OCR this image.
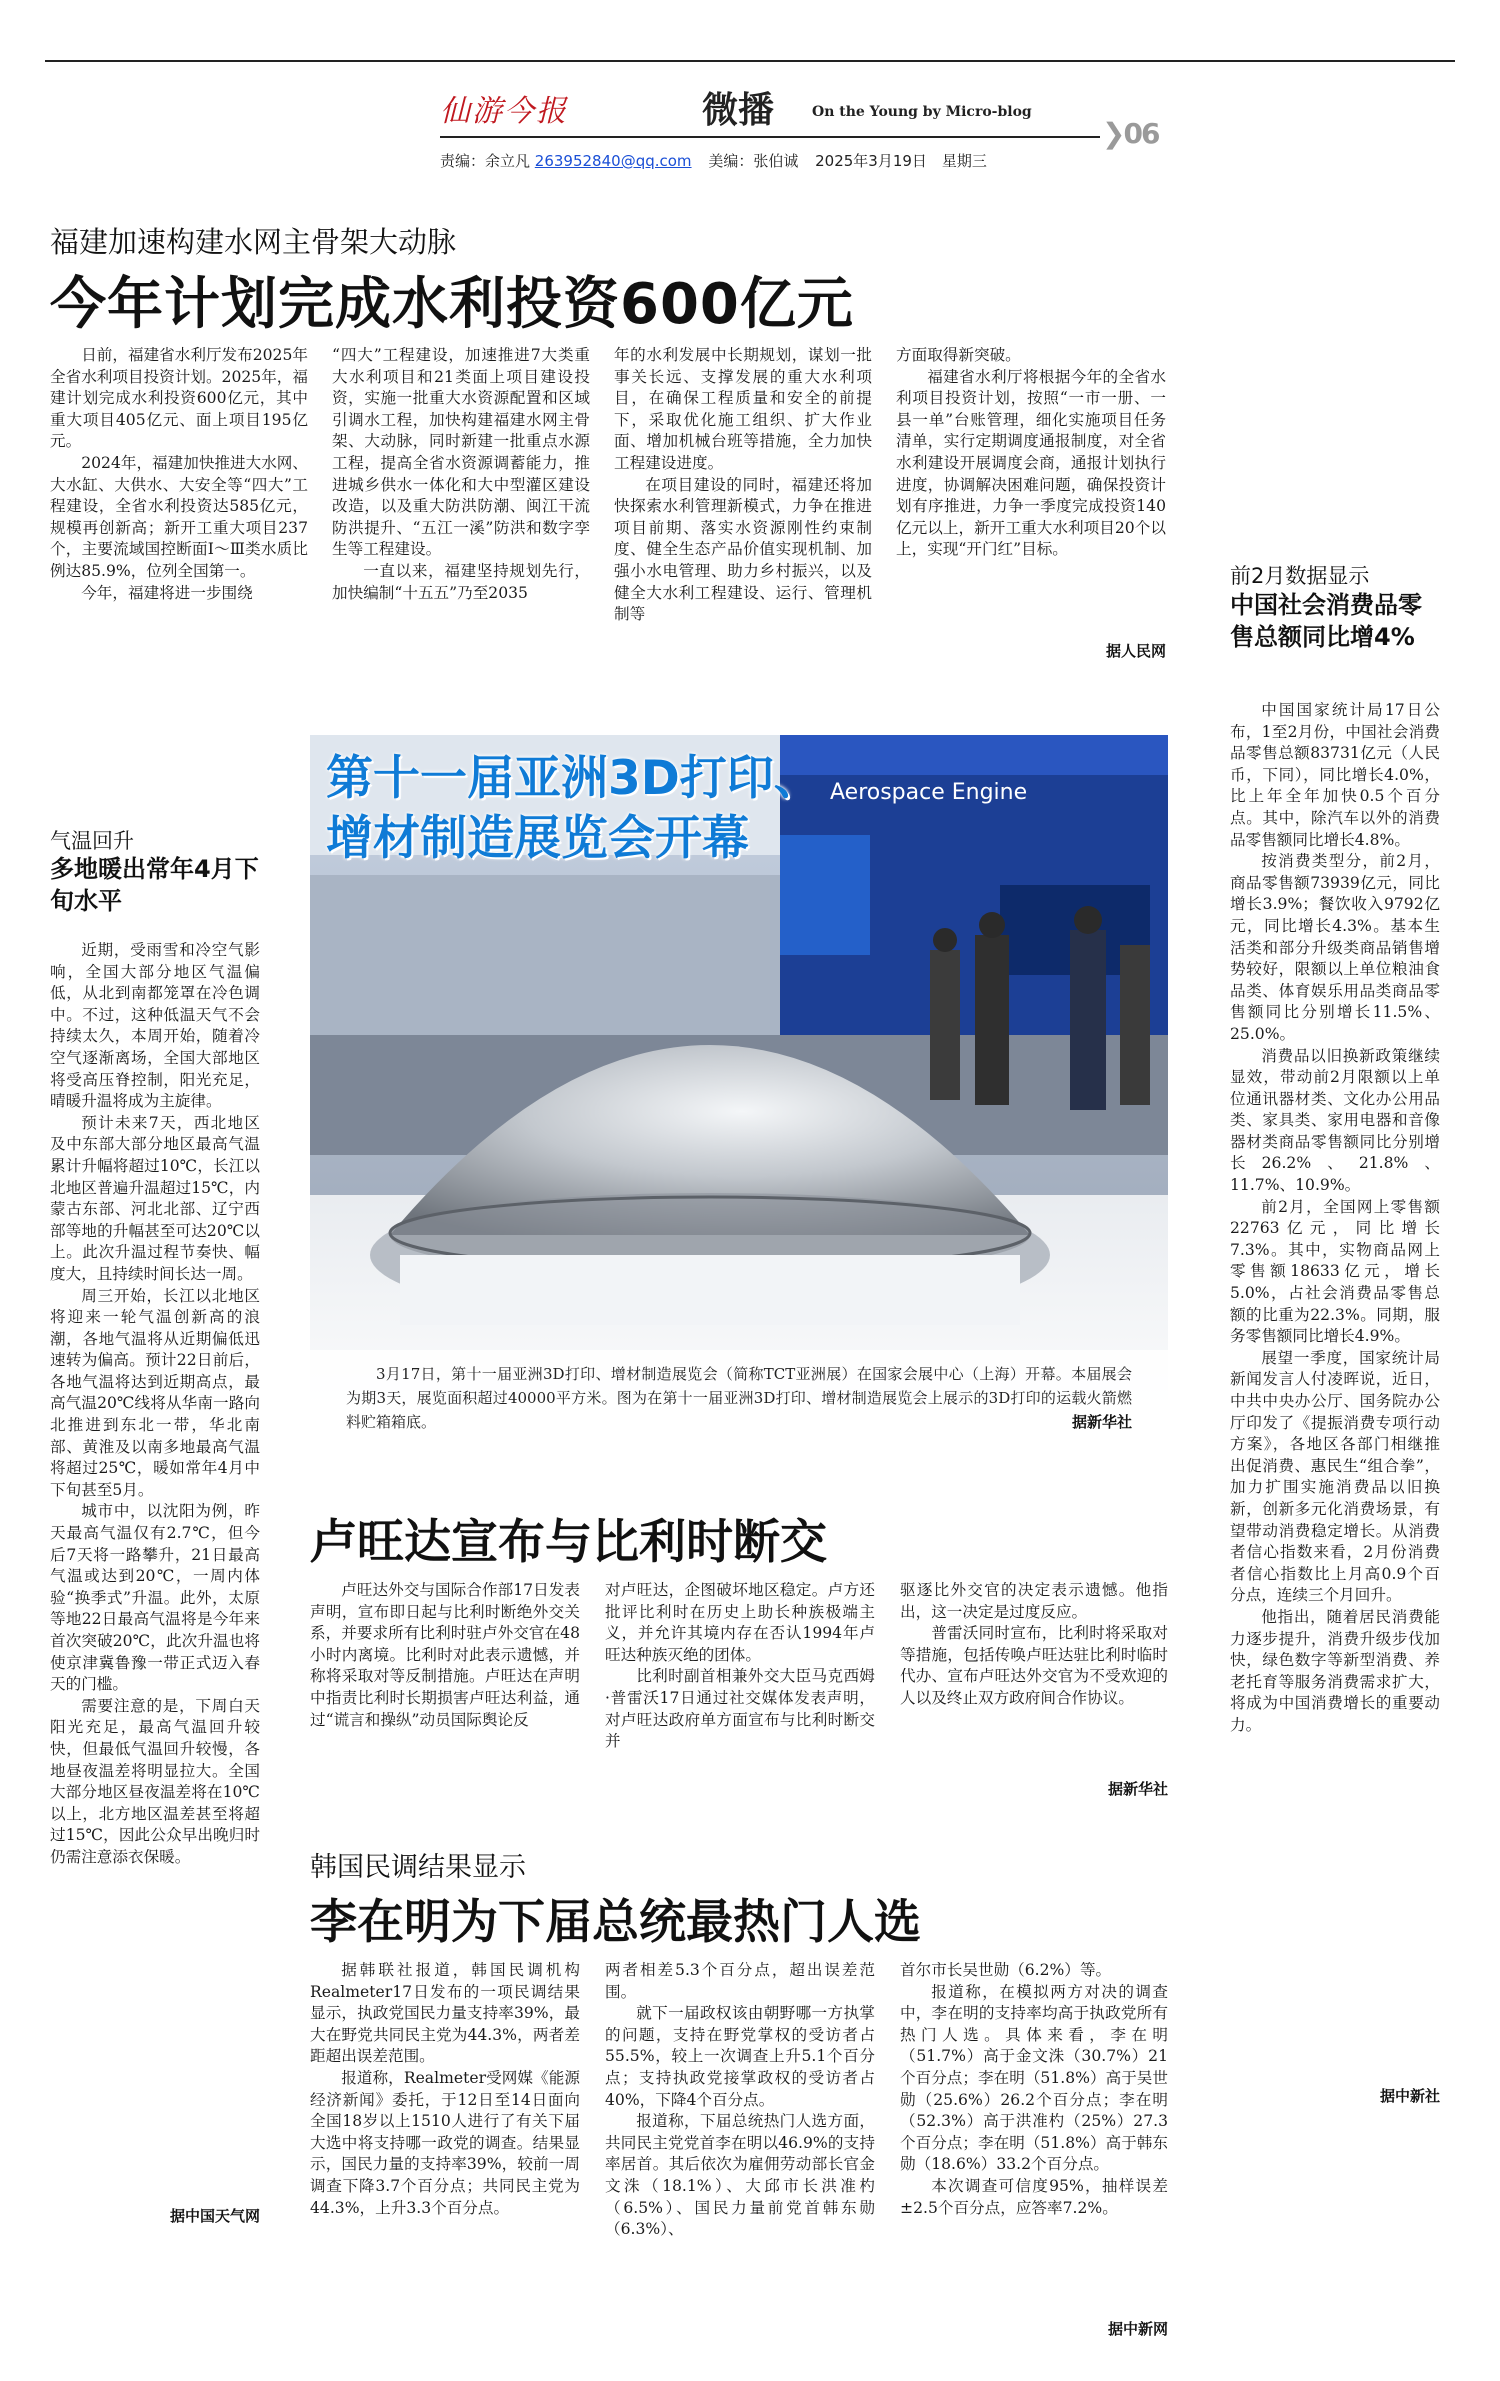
仙游今报	微播	On the Young by Micro-blog
❯06
责编：余立凡 263952840@qq.com 美编：张伯诚 2025年3月19日　星期三
福建加速构建水网主骨架大动脉
今年计划完成水利投资600亿元

日前，福建省水利厅发布2025年全省水利项目投资计划。2025年，福建计划完成水利投资600亿元，其中重大项目405亿元、面上项目195亿元。

2024年，福建加快推进大水网、大水缸、大供水、大安全等“四大”工程建设，全省水利投资达585亿元，规模再创新高；新开工重大项目237个，主要流域国控断面Ⅰ～Ⅲ类水质比例达85.9%，位列全国第一。

今年，福建将进一步围绕

“四大”工程建设，加速推进7大类重大水利项目和21类面上项目建设投资，实施一批重大水资源配置和区域引调水工程，加快构建福建水网主骨架、大动脉，同时新建一批重点水源工程，提高全省水资源调蓄能力，推进城乡供水一体化和大中型灌区建设改造，以及重大防洪防潮、闽江干流防洪提升、“五江一溪”防洪和数字孪生等工程建设。

一直以来，福建坚持规划先行，加快编制“十五五”乃至2035

年的水利发展中长期规划，谋划一批事关长远、支撑发展的重大水利项目，在确保工程质量和安全的前提下，采取优化施工组织、扩大作业面、增加机械台班等措施，全力加快工程建设进度。

在项目建设的同时，福建还将加快探索水利管理新模式，力争在推进项目前期、落实水资源刚性约束制度、健全生态产品价值实现机制、加强小水电管理、助力乡村振兴，以及健全大水利工程建设、运行、管理机制等

方面取得新突破。

福建省水利厅将根据今年的全省水利项目投资计划，按照“一市一册、一县一单”台账管理，细化实施项目任务清单，实行定期调度通报制度，对全省水利建设开展调度会商，通报计划执行进度，协调解决困难问题，确保投资计划有序推进，力争一季度完成投资140亿元以上，新开工重大水利项目20个以上，实现“开门红”目标。

据人民网
前2月数据显示
中国社会消费品零售总额同比增4%

中国国家统计局17日公布，1至2月份，中国社会消费品零售总额83731亿元（人民币，下同），同比增长4.0%，比上年全年加快0.5个百分点。其中，除汽车以外的消费品零售额同比增长4.8%。

按消费类型分，前2月，商品零售额73939亿元，同比增长3.9%；餐饮收入9792亿元，同比增长4.3%。基本生活类和部分升级类商品销售增势较好，限额以上单位粮油食品类、体育娱乐用品类商品零售额同比分别增长11.5%、25.0%。

消费品以旧换新政策继续显效，带动前2月限额以上单位通讯器材类、文化办公用品类、家具类、家用电器和音像器材类商品零售额同比分别增长26.2%、21.8%、11.7%、10.9%。

前2月，全国网上零售额22763亿元，同比增长7.3%。其中，实物商品网上零售额18633亿元，增长5.0%，占社会消费品零售总额的比重为22.3%。同期，服务零售额同比增长4.9%。

展望一季度，国家统计局新闻发言人付凌晖说，近日，中共中央办公厅、国务院办公厅印发了《提振消费专项行动方案》，各地区各部门相继推出促消费、惠民生“组合拳”，加力扩围实施消费品以旧换新，创新多元化消费场景，有望带动消费稳定增长。从消费者信心指数来看，2月份消费者信心指数比上月高0.9个百分点，连续三个月回升。

他指出，随着居民消费能力逐步提升，消费升级步伐加快，绿色数字等新型消费、养老托育等服务消费需求扩大，将成为中国消费增长的重要动力。

据中新社
气温回升
多地暖出常年4月下旬水平

近期，受雨雪和冷空气影响，全国大部分地区气温偏低，从北到南都笼罩在冷色调中。不过，这种低温天气不会持续太久，本周开始，随着冷空气逐渐离场，全国大部地区将受高压脊控制，阳光充足，晴暖升温将成为主旋律。

预计未来7天，西北地区及中东部大部分地区最高气温累计升幅将超过10℃，长江以北地区普遍升温超过15℃，内蒙古东部、河北北部、辽宁西部等地的升幅甚至可达20℃以上。此次升温过程节奏快、幅度大，且持续时间长达一周。

周三开始，长江以北地区将迎来一轮气温创新高的浪潮，各地气温将从近期偏低迅速转为偏高。预计22日前后，各地气温将达到近期高点，最高气温20℃线将从华南一路向北推进到东北一带，华北南部、黄淮及以南多地最高气温将超过25℃，暖如常年4月中下旬甚至5月。

城市中，以沈阳为例，昨天最高气温仅有2.7℃，但今后7天将一路攀升，21日最高气温或达到20℃，一周内体验“换季式”升温。此外，太原等地22日最高气温将是今年来首次突破20℃，此次升温也将使京津冀鲁豫一带正式迈入春天的门槛。

需要注意的是，下周白天阳光充足，最高气温回升较快，但最低气温回升较慢，各地昼夜温差将明显拉大。全国大部分地区昼夜温差将在10℃以上，北方地区温差甚至将超过15℃，因此公众早出晚归时仍需注意添衣保暖。

据中国天气网
Aerospace Engine
第十一届亚洲3D打印、
增材制造展览会开幕
3月17日，第十一届亚洲3D打印、增材制造展览会（简称TCT亚洲展）在国家会展中心（上海）开幕。本届展会为期3天，展览面积超过40000平方米。图为在第十一届亚洲3D打印、增材制造展览会上展示的3D打印的运载火箭燃料贮箱箱底。	据新华社
卢旺达宣布与比利时断交

卢旺达外交与国际合作部17日发表声明，宣布即日起与比利时断绝外交关系，并要求所有比利时驻卢外交官在48小时内离境。比利时对此表示遗憾，并称将采取对等反制措施。卢旺达在声明中指责比利时长期损害卢旺达利益，通过“谎言和操纵”动员国际舆论反

对卢旺达，企图破坏地区稳定。卢方还批评比利时在历史上助长种族极端主义，并允许其境内存在否认1994年卢旺达种族灭绝的团体。

比利时副首相兼外交大臣马克西姆·普雷沃17日通过社交媒体发表声明，对卢旺达政府单方面宣布与比利时断交并

驱逐比外交官的决定表示遗憾。他指出，这一决定是过度反应。

普雷沃同时宣布，比利时将采取对等措施，包括传唤卢旺达驻比利时临时代办、宣布卢旺达外交官为不受欢迎的人以及终止双方政府间合作协议。

据新华社
韩国民调结果显示
李在明为下届总统最热门人选

据韩联社报道，韩国民调机构Realmeter17日发布的一项民调结果显示，执政党国民力量支持率39%，最大在野党共同民主党为44.3%，两者差距超出误差范围。

报道称，Realmeter受网媒《能源经济新闻》委托，于12日至14日面向全国18岁以上1510人进行了有关下届大选中将支持哪一政党的调查。结果显示，国民力量的支持率39%，较前一周调查下降3.7个百分点；共同民主党为44.3%，上升3.3个百分点。

两者相差5.3个百分点，超出误差范围。

就下一届政权该由朝野哪一方执掌的问题，支持在野党掌权的受访者占55.5%，较上一次调查上升5.1个百分点；支持执政党接掌政权的受访者占40%，下降4个百分点。

报道称，下届总统热门人选方面，共同民主党党首李在明以46.9%的支持率居首。其后依次为雇佣劳动部长官金文洙（18.1%）、大邱市长洪准杓（6.5%）、国民力量前党首韩东勋（6.3%）、

首尔市长吴世勋（6.2%）等。

报道称，在模拟两方对决的调查中，李在明的支持率均高于执政党所有热门人选。具体来看，李在明（51.7%）高于金文洙（30.7%）21个百分点；李在明（51.8%）高于吴世勋（25.6%）26.2个百分点；李在明（52.3%）高于洪准杓（25%）27.3个百分点；李在明（51.8%）高于韩东勋（18.6%）33.2个百分点。

本次调查可信度95%，抽样误差±2.5个百分点，应答率7.2%。

据中新网
